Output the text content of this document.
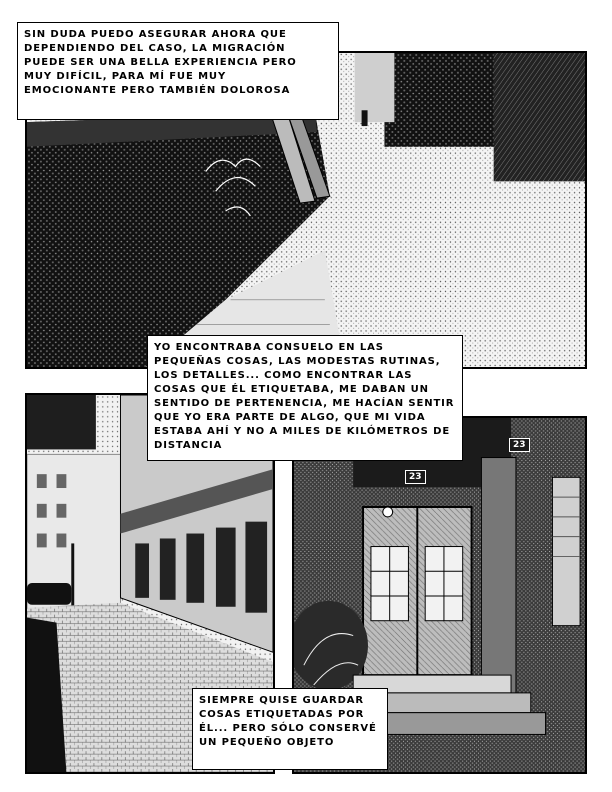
23
23
SIN DUDA PUEDO ASEGURAR AHORA QUE
DEPENDIENDO DEL CASO, LA MIGRACIÓN
PUEDE SER UNA BELLA EXPERIENCIA PERO
MUY DIFÍCIL, PARA MÍ FUE MUY
EMOCIONANTE PERO TAMBIÉN DOLOROSA
YO ENCONTRABA CONSUELO EN LAS
PEQUEÑAS COSAS, LAS MODESTAS RUTINAS,
LOS DETALLES... COMO ENCONTRAR LAS
COSAS QUE ÉL ETIQUETABA, ME DABAN UN
SENTIDO DE PERTENENCIA, ME HACÍAN SENTIR
QUE YO ERA PARTE DE ALGO, QUE MI VIDA
ESTABA AHÍ Y NO A MILES DE KILÓMETROS DE
DISTANCIA
SIEMPRE QUISE GUARDAR
COSAS ETIQUETADAS POR
ÉL... PERO SÓLO CONSERVÉ
UN PEQUEÑO OBJETO
